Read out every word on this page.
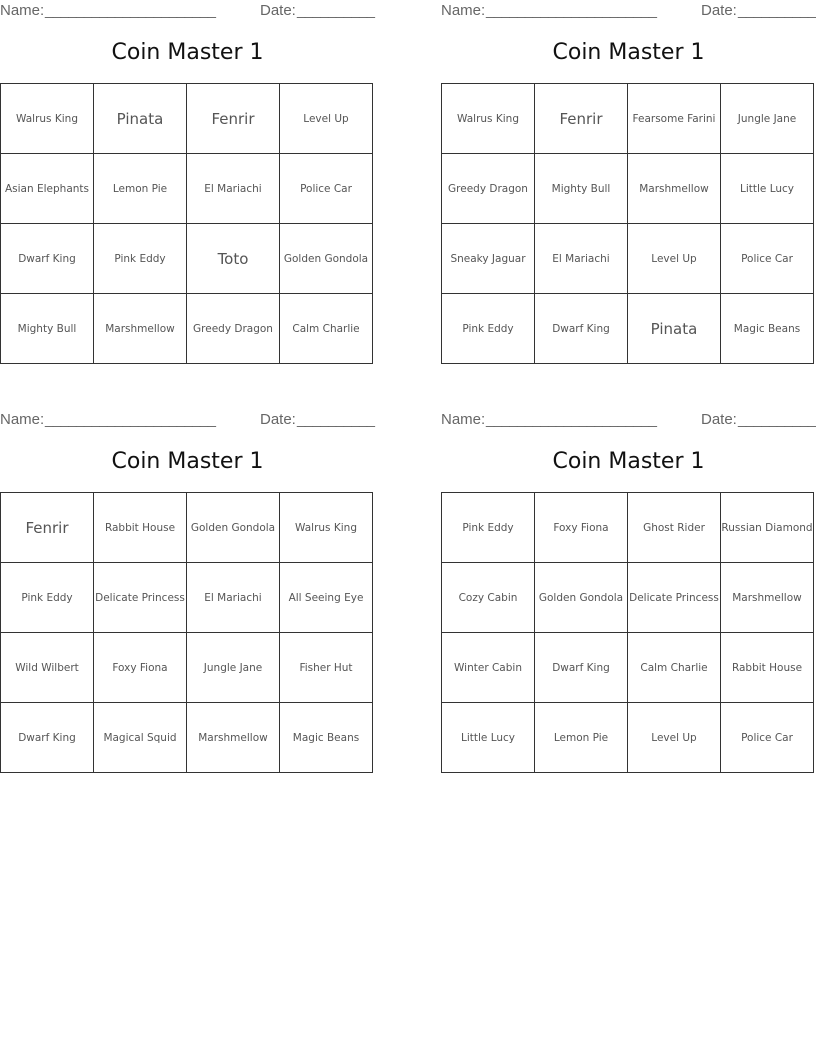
Name: ______________________	Date: __________
Coin Master 1
Walrus King	Pinata	Fenrir	Level Up
Asian Elephants	Lemon Pie	El Mariachi	Police Car
Dwarf King	Pink Eddy	Toto	Golden Gondola
Mighty Bull	Marshmellow	Greedy Dragon	Calm Charlie
Name: ______________________	Date: __________
Coin Master 1
Walrus King	Fenrir	Fearsome Farini	Jungle Jane
Greedy Dragon	Mighty Bull	Marshmellow	Little Lucy
Sneaky Jaguar	El Mariachi	Level Up	Police Car
Pink Eddy	Dwarf King	Pinata	Magic Beans
Name: ______________________	Date: __________
Coin Master 1
Fenrir	Rabbit House	Golden Gondola	Walrus King
Pink Eddy	Delicate Princess	El Mariachi	All Seeing Eye
Wild Wilbert	Foxy Fiona	Jungle Jane	Fisher Hut
Dwarf King	Magical Squid	Marshmellow	Magic Beans
Name: ______________________	Date: __________
Coin Master 1
Pink Eddy	Foxy Fiona	Ghost Rider	Russian Diamond
Cozy Cabin	Golden Gondola	Delicate Princess	Marshmellow
Winter Cabin	Dwarf King	Calm Charlie	Rabbit House
Little Lucy	Lemon Pie	Level Up	Police Car
